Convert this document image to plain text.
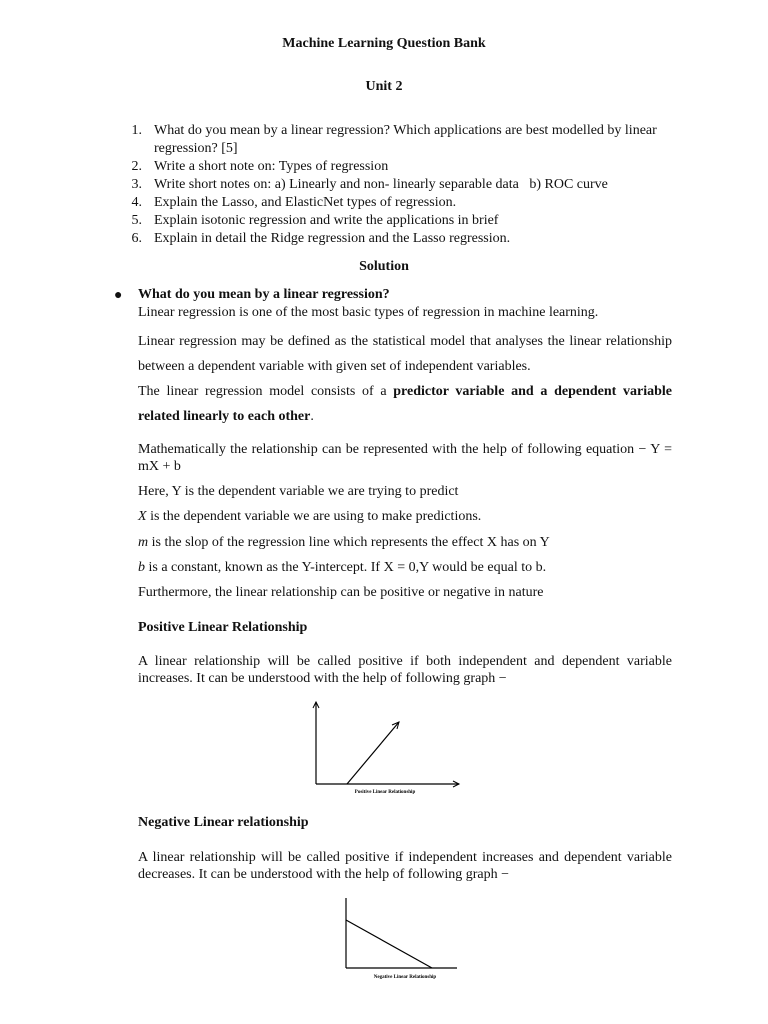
Machine Learning Question Bank
Unit 2
1. What do you mean by a linear regression? Which applications are best modelled by linear regression? [5]
2. Write a short note on: Types of regression
3. Write short notes on: a) Linearly and non- linearly separable data   b) ROC curve
4. Explain the Lasso, and ElasticNet types of regression.
5. Explain isotonic regression and write the applications in brief
6. Explain in detail the Ridge regression and the Lasso regression.
Solution
● What do you mean by a linear regression?
Linear regression is one of the most basic types of regression in machine learning.
Linear regression may be defined as the statistical model that analyses the linear relationship between a dependent variable with given set of independent variables.
The linear regression model consists of a predictor variable and a dependent variable related linearly to each other.
Mathematically the relationship can be represented with the help of following equation − Y = mX + b
Here, Y is the dependent variable we are trying to predict
X is the dependent variable we are using to make predictions.
m is the slop of the regression line which represents the effect X has on Y
b is a constant, known as the Y-intercept. If X = 0,Y would be equal to b.
Furthermore, the linear relationship can be positive or negative in nature
Positive Linear Relationship
A linear relationship will be called positive if both independent and dependent variable increases. It can be understood with the help of following graph −
Positive Linear Relationship
Negative Linear relationship
A linear relationship will be called positive if independent increases and dependent variable decreases. It can be understood with the help of following graph −
Negative Linear Relationship
